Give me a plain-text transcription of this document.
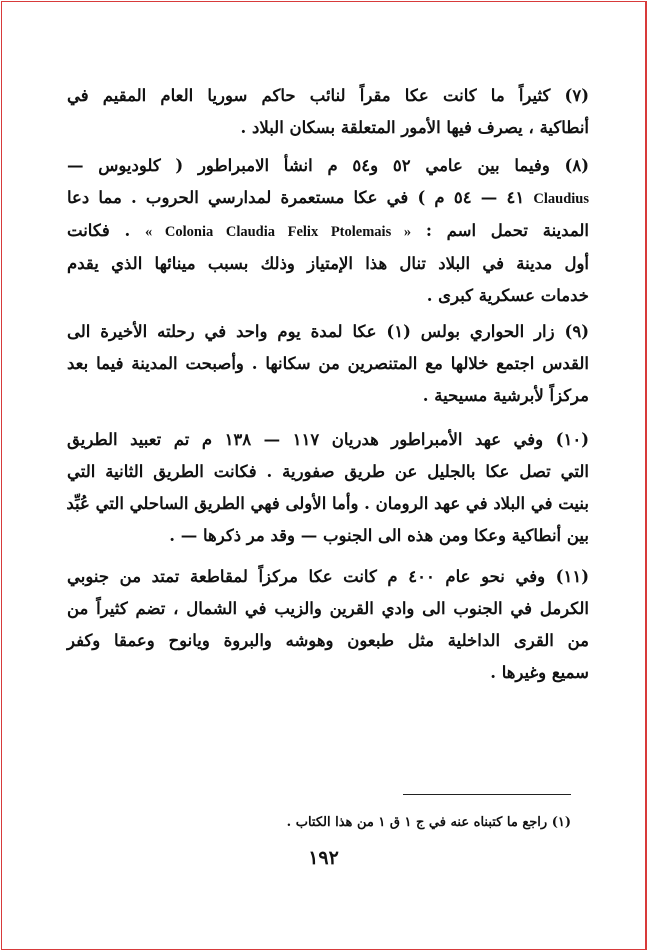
(٧) كثيراً ما كانت عكا مقراً لنائب حاكم سوريا العام المقيم في
أنطاكية ، يصرف فيها الأمور المتعلقة بسكان البلاد .
(٨) وفيما بين عامي ٥٢ و٥٤ م انشأ الامبراطور ( كلوديوس —
Claudius ٤١ — ٥٤ م ) في عكا مستعمرة لمدارسي الحروب . مما دعا
المدينة تحمل اسم : « Colonia Claudia Felix Ptolemais » . فكانت
أول مدينة في البلاد تنال هذا الإمتياز وذلك بسبب مينائها الذي يقدم
خدمات عسكرية كبرى .
(٩) زار الحواري بولس (١) عكا لمدة يوم واحد في رحلته الأخيرة الى
القدس اجتمع خلالها مع المتنصرين من سكانها . وأصبحت المدينة فيما بعد
مركزاً لأبرشية مسيحية .
(١٠) وفي عهد الأمبراطور هدريان ١١٧ — ١٣٨ م تم تعبيد الطريق
التي تصل عكا بالجليل عن طريق صفورية . فكانت الطريق الثانية التي
بنيت في البلاد في عهد الرومان . وأما الأولى فهي الطريق الساحلي التي عُبِّد
بين أنطاكية وعكا ومن هذه الى الجنوب — وقد مر ذكرها — .
(١١) وفي نحو عام ٤٠٠ م كانت عكا مركزاً لمقاطعة تمتد من جنوبي
الكرمل في الجنوب الى وادي القرين والزيب في الشمال ، تضم كثيراً من
من القرى الداخلية مثل طبعون وهوشه والبروة ويانوح وعمقا وكفر
سميع وغيرها .
(١) راجع ما كتبناه عنه في ج ١ ق ١ من هذا الكتاب .
١٩٢
